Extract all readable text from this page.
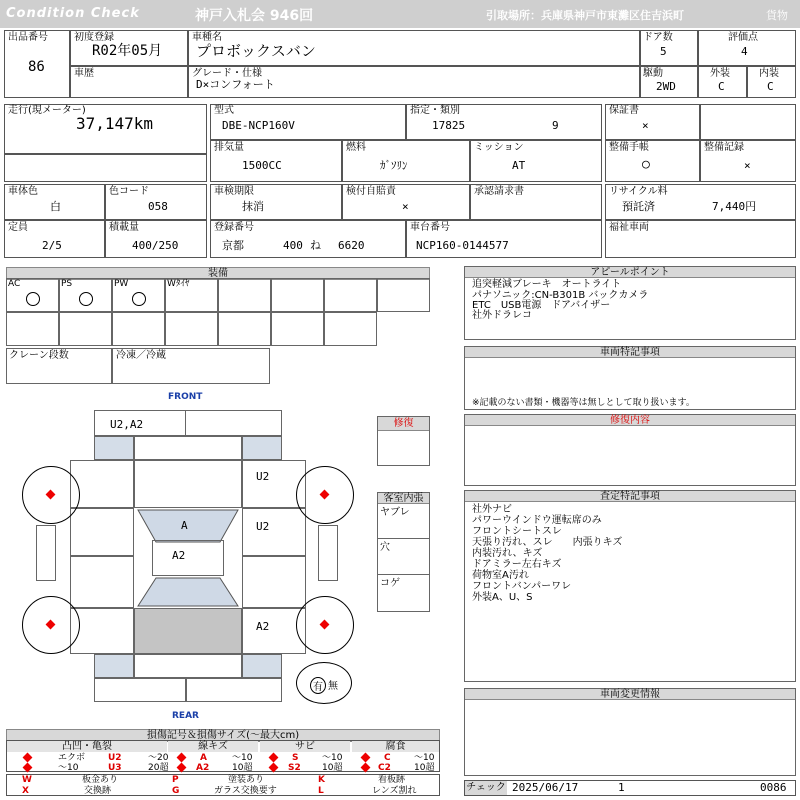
Condition Check	神戸入札会 946回	引取場所：兵庫県神戸市東灘区住吉浜町	貨物
出品番号
86
初度登録
R02年05月
車歴
車種名
プロボックスバン
グレード・仕様
D×コンフォート
ドア数
5
駆動
2WD
評価点
4
外装
C
内装
C
走行(現メーター)
37,147km
型式
DBE-NCP160V
指定・類別
17825	9
保証書
×
排気量
1500CC
燃料
ｶﾞｿﾘﾝ
ミッション
AT
整備手帳
○
整備記録
×
車体色
白
色コード
058
車検期限
抹消
検付自賠責
×
承認請求書	リサイクル料
預託済	7,440円
定員
2/5
積載量
400/250
登録番号
京都	400 ね 6620
車台番号
NCP160-0144577
福祉車両
装備
AC	PS	PW	Wﾀｲﾔ
クレーン段数	冷凍／冷蔵
FRONT
REAR
U2,A2
U2
U2
A
A2
A2
有 無
修復
客室内張
ヤブレ
穴
コゲ
アピールポイント
追突軽減ブレーキ　オートライト
パナソニック:CN-B301B バックカメラ
ETC　USB電源　ドアバイザー
社外ドラレコ
車両特記事項
※記載のない書類・機器等は無しとして取り扱います。
修復内容
査定特記事項
社外ナビ
パワーウインドウ運転席のみ
フロントシートスレ
天張り汚れ、スレ　　内張りキズ
内装汚れ、キズ
ドアミラー左右キズ
荷物室A汚れ
フロントバンパーワレ
外装A、U、S
車両変更情報
チェック 2025/06/17	1	0086
損傷記号＆損傷サイズ(〜最大cm)
凸凹・亀裂
エクボ	U2	〜20
〜10	U3	20超
線キズ
A	〜10
A2	10超
サビ
S	〜10
S2 10超
腐食
C	〜10
C2	10超
W	板金あり	P	塗装あり	K	看板跡
X	交換跡	G	ガラス交換要す	L	レンズ割れ
